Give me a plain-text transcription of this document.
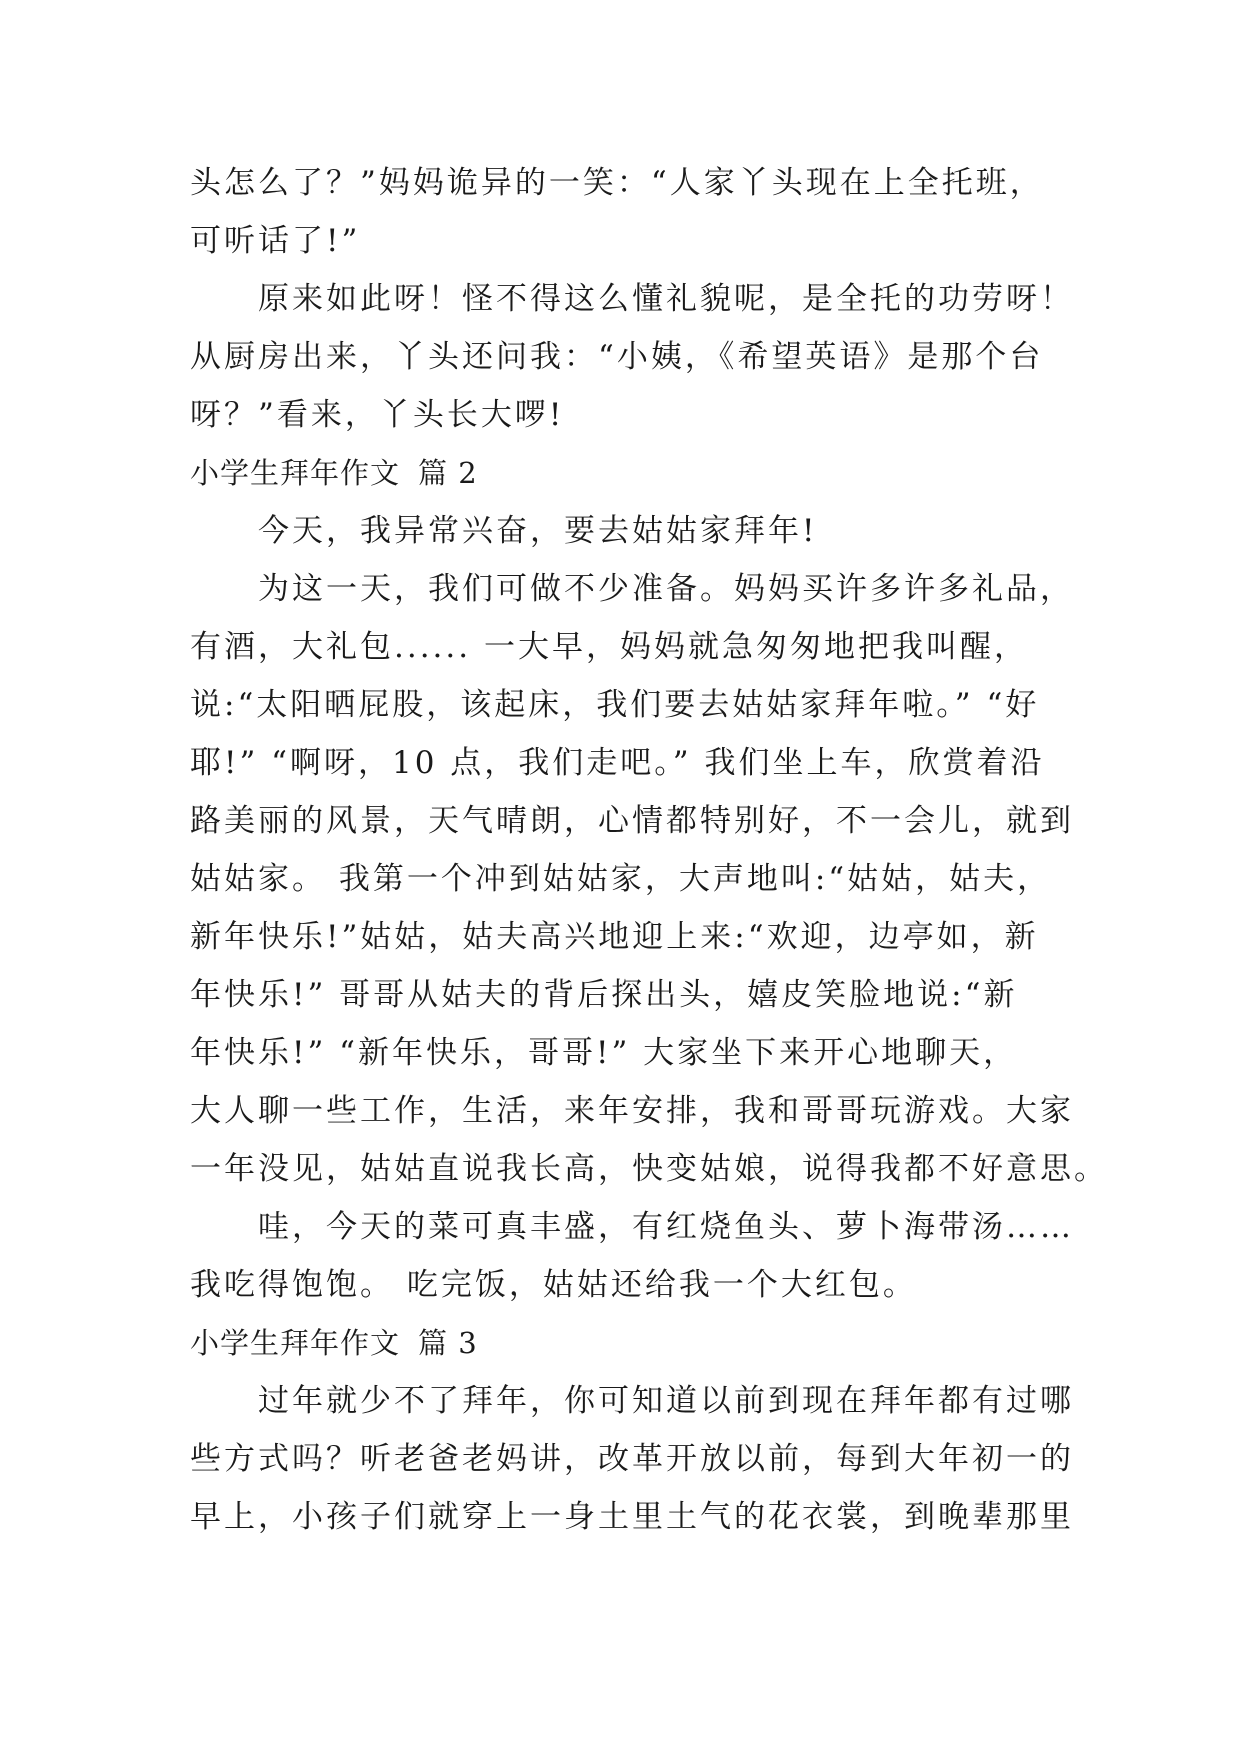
头怎么了？”妈妈诡异的一笑：“人家丫头现在上全托班，
可听话了!”
原来如此呀！怪不得这么懂礼貌呢，是全托的功劳呀！
从厨房出来，丫头还问我：“小姨，《希望英语》是那个台
呀？”看来，丫头长大啰!
小学生拜年作文 篇 2
今天，我异常兴奋，要去姑姑家拜年!
为这一天，我们可做不少准备。妈妈买许多许多礼品，
有酒，大礼包...... 一大早，妈妈就急匆匆地把我叫醒，
说:“太阳晒屁股，该起床，我们要去姑姑家拜年啦。” “好
耶!” “啊呀，10 点，我们走吧。” 我们坐上车，欣赏着沿
路美丽的风景，天气晴朗，心情都特别好，不一会儿，就到
姑姑家。 我第一个冲到姑姑家，大声地叫:“姑姑，姑夫，
新年快乐!”姑姑，姑夫高兴地迎上来:“欢迎，边亭如，新
年快乐!” 哥哥从姑夫的背后探出头，嬉皮笑脸地说:“新
年快乐!” “新年快乐，哥哥!” 大家坐下来开心地聊天，
大人聊一些工作，生活，来年安排，我和哥哥玩游戏。大家
一年没见，姑姑直说我长高，快变姑娘，说得我都不好意思。
哇，今天的菜可真丰盛，有红烧鱼头、萝卜海带汤……
我吃得饱饱。 吃完饭，姑姑还给我一个大红包。
小学生拜年作文 篇 3
过年就少不了拜年，你可知道以前到现在拜年都有过哪
些方式吗？听老爸老妈讲，改革开放以前，每到大年初一的
早上，小孩子们就穿上一身土里土气的花衣裳，到晚辈那里
